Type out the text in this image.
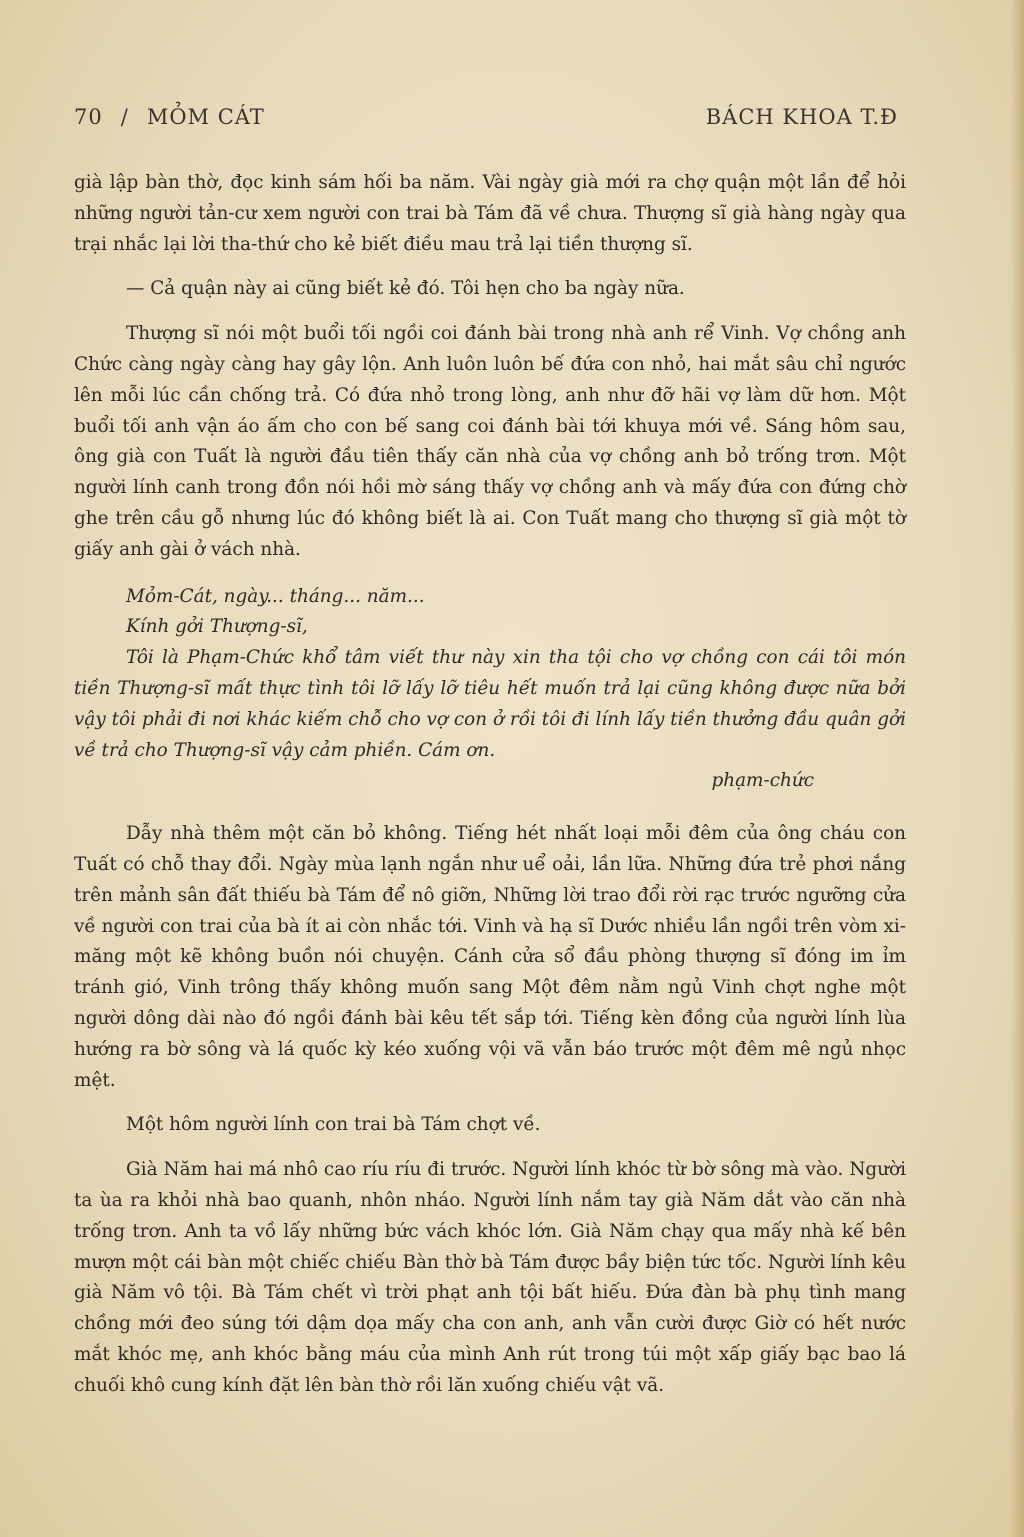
70 / MỎM CÁT	BÁCH KHOA T.Đ

già lập bàn thờ, đọc kinh sám hối ba năm. Vài ngày già mới ra chợ quận một lần để hỏi những người tản-cư xem người con trai bà Tám đã về chưa. Thượng sĩ già hàng ngày qua trại nhắc lại lời tha-thứ cho kẻ biết điều mau trả lại tiền thượng sĩ.

— Cả quận này ai cũng biết kẻ đó. Tôi hẹn cho ba ngày nữa.

Thượng sĩ nói một buổi tối ngồi coi đánh bài trong nhà anh rể Vinh. Vợ chồng anh Chức càng ngày càng hay gây lộn. Anh luôn luôn bế đứa con nhỏ, hai mắt sâu chỉ ngước lên mỗi lúc cần chống trả. Có đứa nhỏ trong lòng, anh như đỡ hãi vợ làm dữ hơn. Một buổi tối anh vận áo ấm cho con bế sang coi đánh bài tới khuya mới về. Sáng hôm sau, ông già con Tuất là người đầu tiên thấy căn nhà của vợ chồng anh bỏ trống trơn. Một người lính canh trong đồn nói hồi mờ sáng thấy vợ chồng anh và mấy đứa con đứng chờ ghe trên cầu gỗ nhưng lúc đó không biết là ai. Con Tuất mang cho thượng sĩ già một tờ giấy anh gài ở vách nhà.

Mỏm-Cát, ngày... tháng... năm...
Kính gởi Thượng-sĩ,

Tôi là Phạm-Chức khổ tâm viết thư này xin tha tội cho vợ chồng con cái tôi món tiền Thượng-sĩ mất thực tình tôi lỡ lấy lỡ tiêu hết muốn trả lại cũng không được nữa bởi vậy tôi phải đi nơi khác kiếm chỗ cho vợ con ở rồi tôi đi lính lấy tiền thưởng đầu quân gởi về trả cho Thượng-sĩ vậy cảm phiền. Cám ơn.

phạm-chức

Dẫy nhà thêm một căn bỏ không. Tiếng hét nhất loại mỗi đêm của ông cháu con Tuất có chỗ thay đổi. Ngày mùa lạnh ngắn như uể oải, lần lữa. Những đứa trẻ phơi nắng trên mảnh sân đất thiếu bà Tám để nô giỡn, Những lời trao đổi rời rạc trước ngưỡng cửa về người con trai của bà ít ai còn nhắc tới. Vinh và hạ sĩ Dước nhiều lần ngồi trên vòm xi-măng một kẽ không buồn nói chuyện. Cánh cửa sổ đầu phòng thượng sĩ đóng im ỉm tránh gió, Vinh trông thấy không muốn sang Một đêm nằm ngủ Vinh chợt nghe một người dông dài nào đó ngồi đánh bài kêu tết sắp tới. Tiếng kèn đồng của người lính lùa hướng ra bờ sông và lá quốc kỳ kéo xuống vội vã vẫn báo trước một đêm mê ngủ nhọc mệt.

Một hôm người lính con trai bà Tám chợt về.

Già Năm hai má nhô cao ríu ríu đi trước. Người lính khóc từ bờ sông mà vào. Người ta ùa ra khỏi nhà bao quanh, nhôn nháo. Người lính nắm tay già Năm dắt vào căn nhà trống trơn. Anh ta vồ lấy những bức vách khóc lớn. Già Năm chạy qua mấy nhà kế bên mượn một cái bàn một chiếc chiếu Bàn thờ bà Tám được bầy biện tức tốc. Người lính kêu già Năm vô tội. Bà Tám chết vì trời phạt anh tội bất hiếu. Đứa đàn bà phụ tình mang chồng mới đeo súng tới dậm dọa mấy cha con anh, anh vẫn cười được Giờ có hết nước mắt khóc mẹ, anh khóc bằng máu của mình Anh rút trong túi một xấp giấy bạc bao lá chuối khô cung kính đặt lên bàn thờ rồi lăn xuống chiếu vật vã.
